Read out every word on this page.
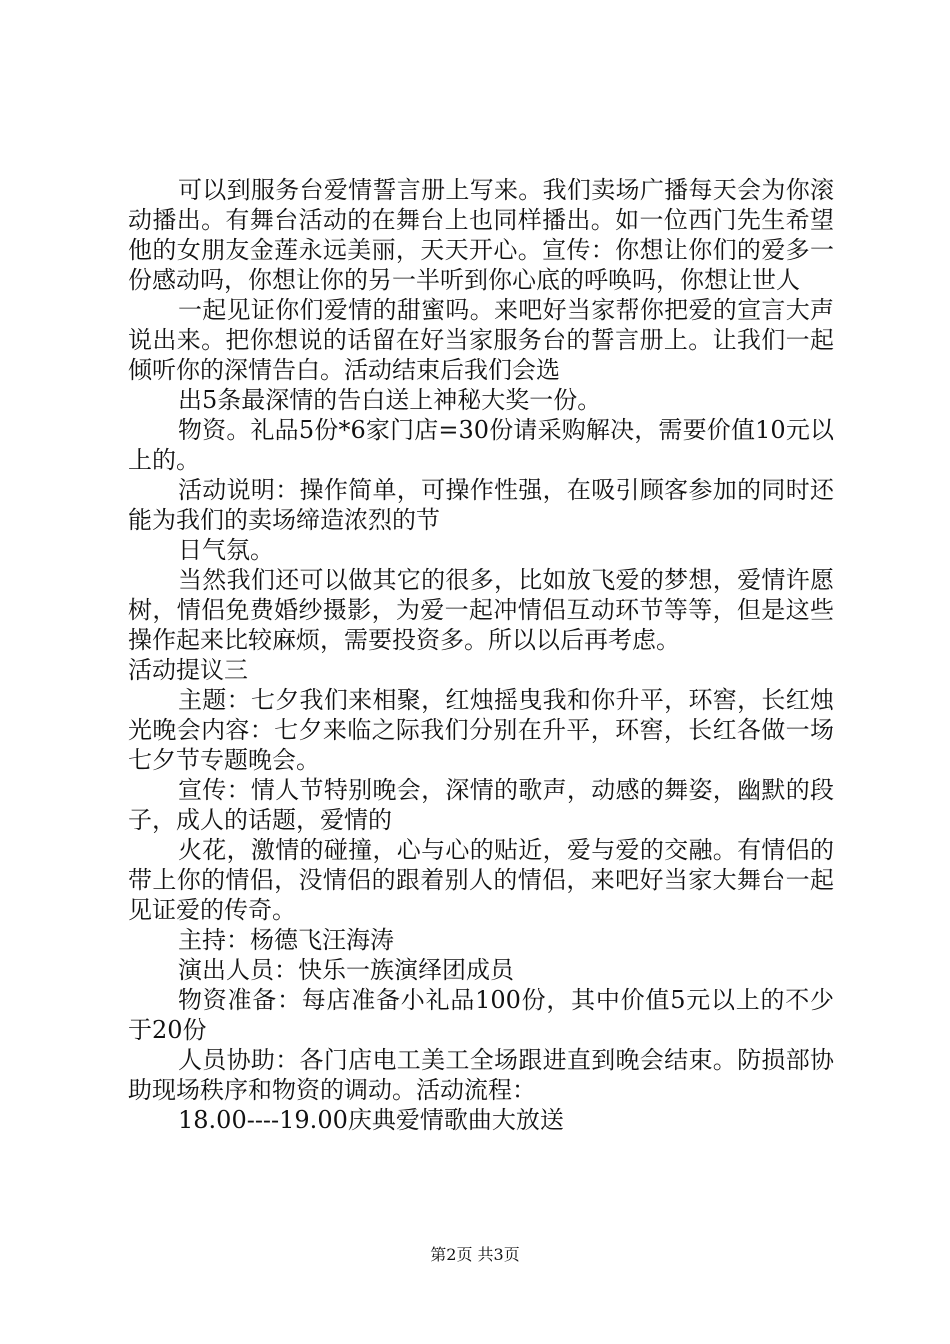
可以到服务台爱情誓言册上写来。我们卖场广播每天会为你滚动播出。有舞台活动的在舞台上也同样播出。如一位西门先生希望他的女朋友金莲永远美丽，天天开心。宣传：你想让你们的爱多一份感动吗，你想让你的另一半听到你心底的呼唤吗，你想让世人

一起见证你们爱情的甜蜜吗。来吧好当家帮你把爱的宣言大声说出来。把你想说的话留在好当家服务台的誓言册上。让我们一起倾听你的深情告白。活动结束后我们会选

出5条最深情的告白送上神秘大奖一份。

物资。礼品5份*6家门店=30份请采购解决，需要价值10元以上的。

活动说明：操作简单，可操作性强，在吸引顾客参加的同时还能为我们的卖场缔造浓烈的节

日气氛。

当然我们还可以做其它的很多，比如放飞爱的梦想，爱情许愿树，情侣免费婚纱摄影，为爱一起冲情侣互动环节等等，但是这些操作起来比较麻烦，需要投资多。所以以后再考虑。

活动提议三

主题：七夕我们来相聚，红烛摇曳我和你升平，环窖，长红烛光晚会内容：七夕来临之际我们分别在升平，环窖，长红各做一场七夕节专题晚会。

宣传：情人节特别晚会，深情的歌声，动感的舞姿，幽默的段子，成人的话题，爱情的

火花，激情的碰撞，心与心的贴近，爱与爱的交融。有情侣的带上你的情侣，没情侣的跟着别人的情侣，来吧好当家大舞台一起见证爱的传奇。

主持：杨德飞汪海涛

演出人员：快乐一族演绎团成员

物资准备：每店准备小礼品100份，其中价值5元以上的不少于20份

人员协助：各门店电工美工全场跟进直到晚会结束。防损部协助现场秩序和物资的调动。活动流程：

18.00----19.00庆典爱情歌曲大放送

第2页 共3页
